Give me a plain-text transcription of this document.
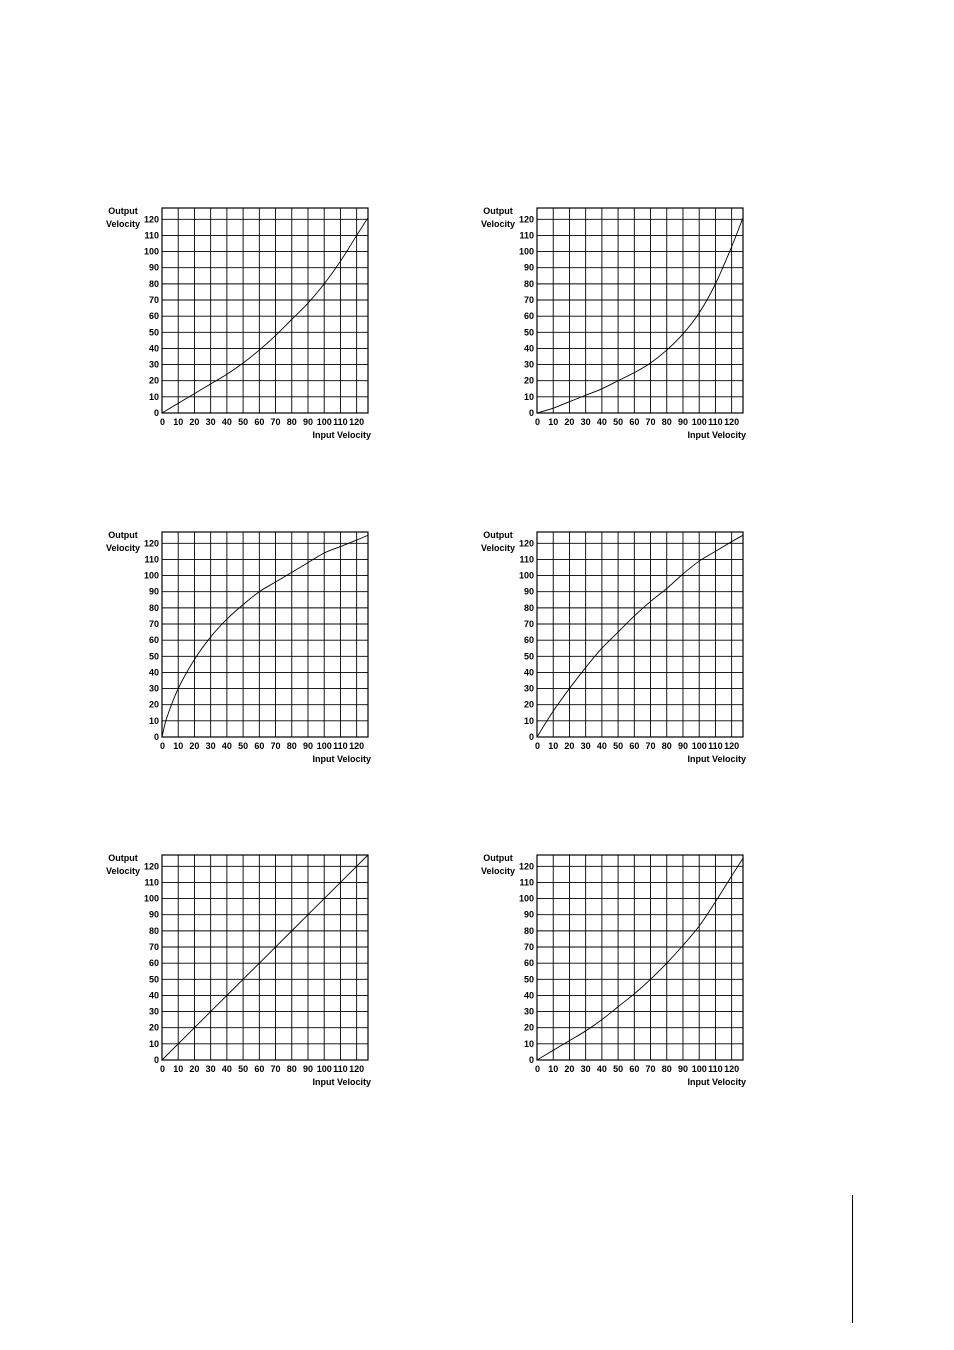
Output
Velocity
0
10
20
30
40
50
60
70
80
90
100
110
120
0 10 20 30 40 50 60 70 80 90 100 110 120
Input Velocity
Output
Velocity
0
10
20
30
40
50
60
70
80
90
100
110
120
0 10 20 30 40 50 60 70 80 90 100 110 120
Input Velocity
Output
Velocity
0
10
20
30
40
50
60
70
80
90
100
110
120
0 10 20 30 40 50 60 70 80 90 100 110 120
Input Velocity
Output
Velocity
0
10
20
30
40
50
60
70
80
90
100
110
120
0 10 20 30 40 50 60 70 80 90 100 110 120
Input Velocity
Output
Velocity
0
10
20
30
40
50
60
70
80
90
100
110
120
0 10 20 30 40 50 60 70 80 90 100 110 120
Input Velocity
Output
Velocity
0
10
20
30
40
50
60
70
80
90
100
110
120
0 10 20 30 40 50 60 70 80 90 100 110 120
Input Velocity
